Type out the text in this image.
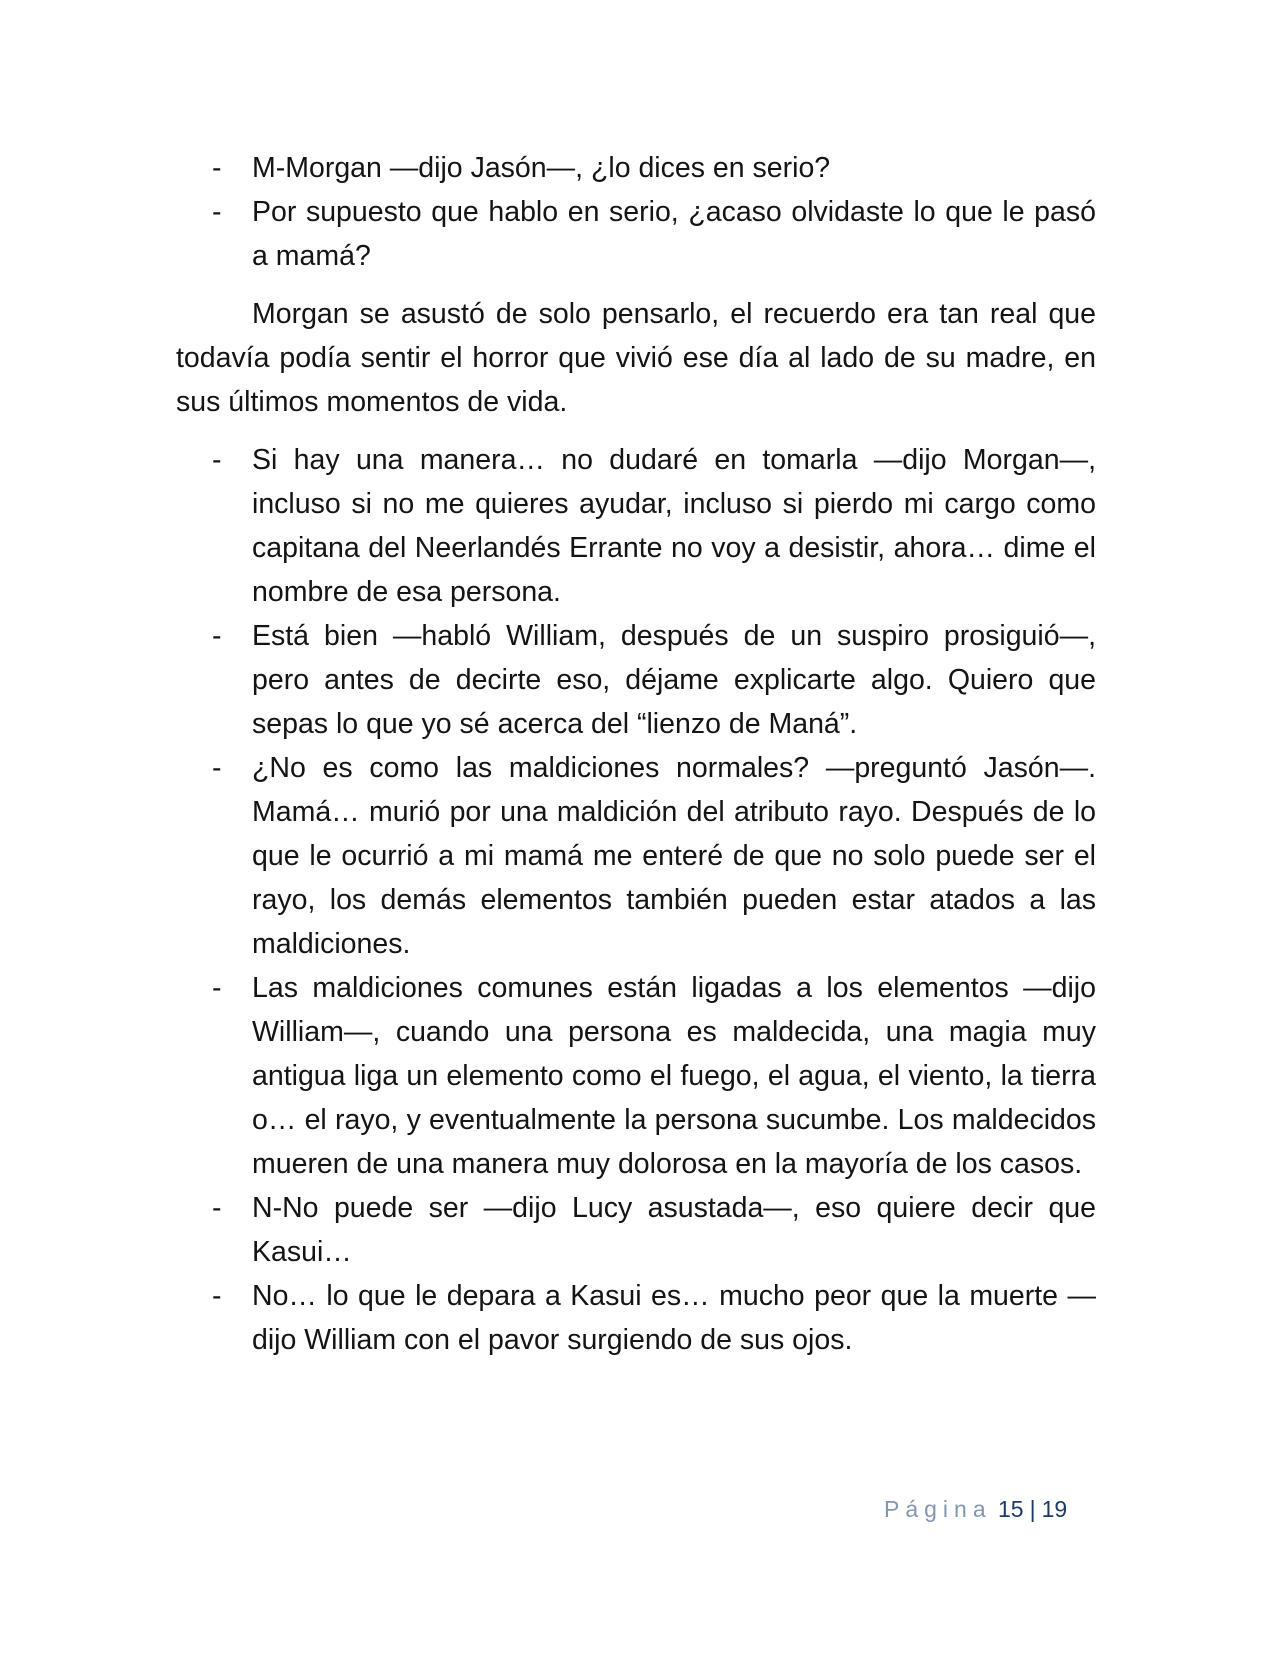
- M-Morgan —dijo Jasón—, ¿lo dices en serio?
- Por supuesto que hablo en serio, ¿acaso olvidaste lo que le pasó a mamá?

Morgan se asustó de solo pensarlo, el recuerdo era tan real que todavía podía sentir el horror que vivió ese día al lado de su madre, en sus últimos momentos de vida.

- Si hay una manera… no dudaré en tomarla —dijo Morgan—, incluso si no me quieres ayudar, incluso si pierdo mi cargo como capitana del Neerlandés Errante no voy a desistir, ahora… dime el nombre de esa persona.
- Está bien —habló William, después de un suspiro prosiguió—, pero antes de decirte eso, déjame explicarte algo. Quiero que sepas lo que yo sé acerca del “lienzo de Maná”.
- ¿No es como las maldiciones normales? —preguntó Jasón—. Mamá… murió por una maldición del atributo rayo. Después de lo que le ocurrió a mi mamá me enteré de que no solo puede ser el rayo, los demás elementos también pueden estar atados a las maldiciones.
- Las maldiciones comunes están ligadas a los elementos —dijo William—, cuando una persona es maldecida, una magia muy antigua liga un elemento como el fuego, el agua, el viento, la tierra o… el rayo, y eventualmente la persona sucumbe. Los maldecidos mueren de una manera muy dolorosa en la mayoría de los casos.
- N-No puede ser —dijo Lucy asustada—, eso quiere decir que Kasui…
- No… lo que le depara a Kasui es… mucho peor que la muerte —dijo William con el pavor surgiendo de sus ojos.
Página 15 | 19
